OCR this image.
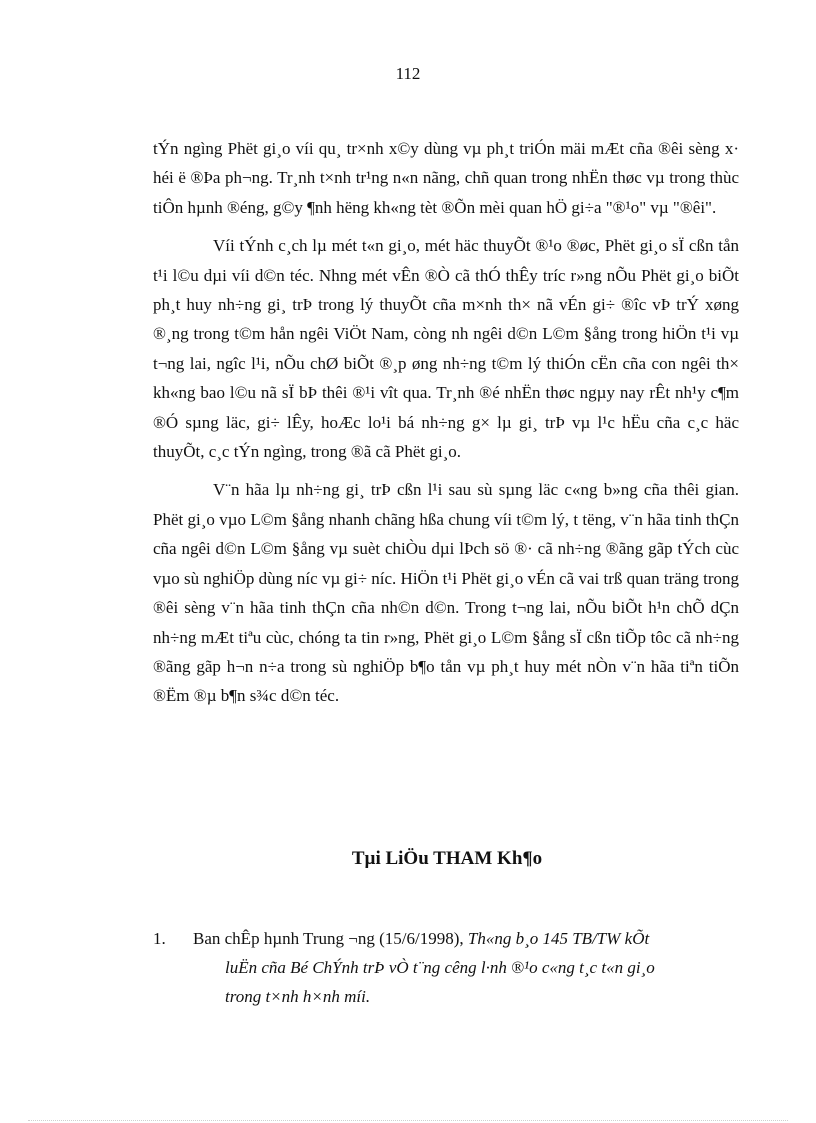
112

tÝn ngìng Phët gi¸o víi qu¸ tr×nh x©y dùng vµ ph¸t triÓn mäi mÆt cña ®êi sèng x· héi ë ®Þa ph¬ng. Tr¸nh t×nh tr¹ng n«n nãng, chñ quan trong nhËn thøc vµ trong thùc tiÔn hµnh ®éng, g©y ¶nh hëng kh«ng tèt ®Õn mèi quan hÖ gi÷a "®¹o" vµ "®êi".

Víi tÝnh c¸ch lµ mét t«n gi¸o, mét häc thuyÕt ®¹o ®øc, Phët gi¸o sÏ cßn tån t¹i l©u dµi víi d©n téc. Nhng mét vÊn ®Ò cã thÓ thÊy tríc r»ng nÕu Phët gi¸o biÕt ph¸t huy nh÷ng gi¸ trÞ trong lý thuyÕt cña m×nh th× nã vÉn gi÷ ®îc vÞ trÝ xøng ®¸ng trong t©m hån ngêi ViÖt Nam, còng nh ngêi d©n L©m §ång trong hiÖn t¹i vµ t¬ng lai, ngîc l¹i, nÕu chØ biÕt ®¸p øng nh÷ng t©m lý thiÓn cËn cña con ngêi th× kh«ng bao l©u nã sÏ bÞ thêi ®¹i vît qua. Tr¸nh ®é nhËn thøc ngµy nay rÊt nh¹y c¶m ®Ó sµng läc, gi÷ lÊy, hoÆc lo¹i bá nh÷ng g× lµ gi¸ trÞ vµ l¹c hËu cña c¸c häc thuyÕt, c¸c tÝn ngìng, trong ®ã cã Phët gi¸o.

V¨n hãa lµ nh÷ng gi¸ trÞ cßn l¹i sau sù sµng läc c«ng b»ng cña thêi gian. Phët gi¸o vµo L©m §ång nhanh chãng hßa chung víi t©m lý, t tëng, v¨n hãa tinh thÇn cña ngêi d©n L©m §ång vµ suèt chiÒu dµi lÞch sö ®· cã nh÷ng ®ãng gãp tÝch cùc vµo sù nghiÖp dùng níc vµ gi÷ níc. HiÖn t¹i Phët gi¸o vÉn cã vai trß quan träng trong ®êi sèng v¨n hãa tinh thÇn cña nh©n d©n. Trong t¬ng lai, nÕu biÕt h¹n chÕ dÇn nh÷ng mÆt tiªu cùc, chóng ta tin r»ng, Phët gi¸o L©m §ång sÏ cßn tiÕp tôc cã nh÷ng ®ãng gãp h¬n n÷a trong sù nghiÖp b¶o tån vµ ph¸t huy mét nÒn v¨n hãa tiªn tiÕn ®Ëm ®µ b¶n s¾c d©n téc.

Tµi LiÖu THAM Kh¶o
1.	Ban chÊp hµnh Trung ¬ng (15/6/1998), Th«ng b¸o 145 TB/TW kÕt
luËn cña Bé ChÝnh trÞ vÒ t¨ng cêng l·nh ®¹o c«ng t¸c t«n gi¸o
trong t×nh h×nh míi.
